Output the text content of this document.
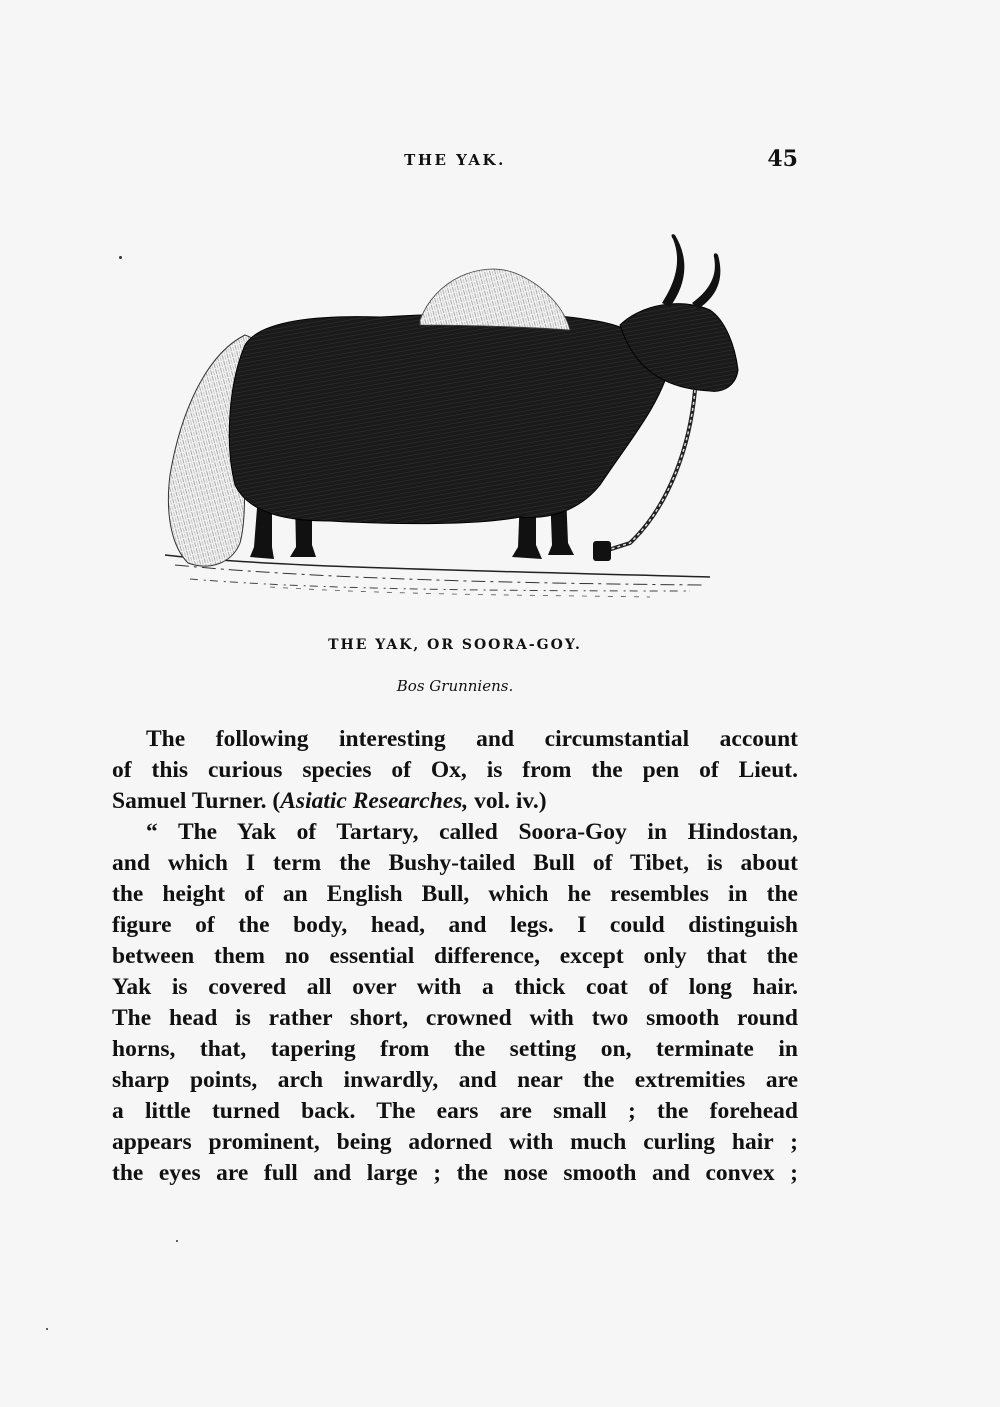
THE YAK.	45
THE YAK, OR SOORA-GOY.
Bos Grunniens.
The following interesting and circumstantial account
of this curious species of Ox, is from the pen of Lieut.
Samuel Turner. (Asiatic Researches, vol. iv.)
“ The Yak of Tartary, called Soora-Goy in Hindostan,
and which I term the Bushy-tailed Bull of Tibet, is about
the height of an English Bull, which he resembles in the
figure of the body, head, and legs. I could distinguish
between them no essential difference, except only that the
Yak is covered all over with a thick coat of long hair.
The head is rather short, crowned with two smooth round
horns, that, tapering from the setting on, terminate in
sharp points, arch inwardly, and near the extremities are
a little turned back. The ears are small ; the forehead
appears prominent, being adorned with much curling hair ;
the eyes are full and large ; the nose smooth and convex ;
